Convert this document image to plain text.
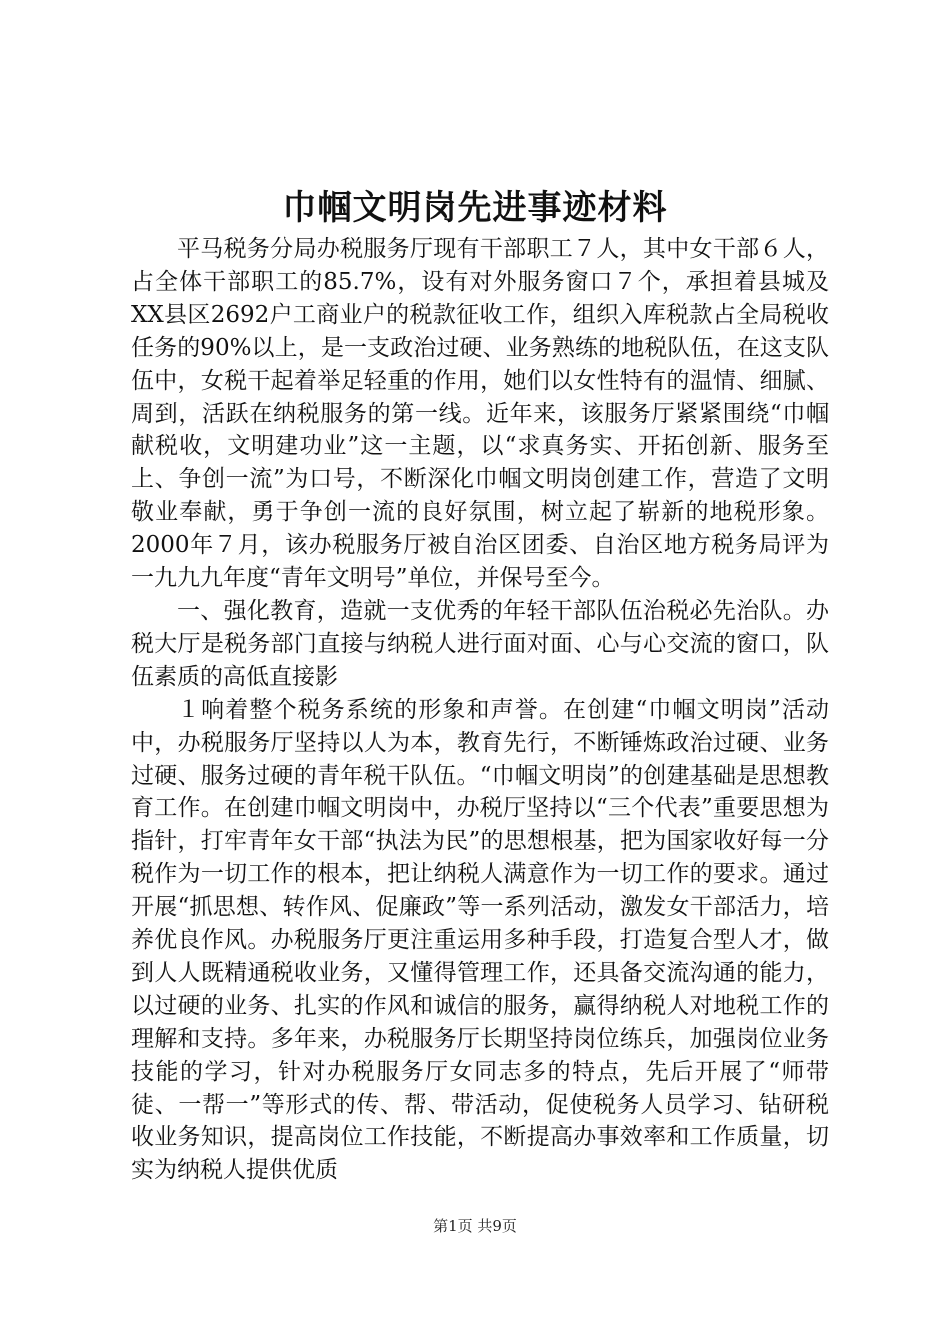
巾帼文明岗先进事迹材料

平马税务分局办税服务厅现有干部职工７人，其中女干部６人，占全体干部职工的85.7%，设有对外服务窗口７个，承担着县城及XX县区2692户工商业户的税款征收工作，组织入库税款占全局税收任务的90%以上，是一支政治过硬、业务熟练的地税队伍，在这支队伍中，女税干起着举足轻重的作用，她们以女性特有的温情、细腻、周到，活跃在纳税服务的第一线。近年来，该服务厅紧紧围绕“巾帼献税收，文明建功业”这一主题，以“求真务实、开拓创新、服务至上、争创一流”为口号，不断深化巾帼文明岗创建工作，营造了文明敬业奉献，勇于争创一流的良好氛围，树立起了崭新的地税形象。2000年７月，该办税服务厅被自治区团委、自治区地方税务局评为一九九九年度“青年文明号”单位，并保号至今。

一、强化教育，造就一支优秀的年轻干部队伍治税必先治队。办税大厅是税务部门直接与纳税人进行面对面、心与心交流的窗口，队伍素质的高低直接影

１响着整个税务系统的形象和声誉。在创建“巾帼文明岗”活动中，办税服务厅坚持以人为本，教育先行，不断锤炼政治过硬、业务过硬、服务过硬的青年税干队伍。“巾帼文明岗”的创建基础是思想教育工作。在创建巾帼文明岗中，办税厅坚持以“三个代表”重要思想为指针，打牢青年女干部“执法为民”的思想根基，把为国家收好每一分税作为一切工作的根本，把让纳税人满意作为一切工作的要求。通过开展“抓思想、转作风、促廉政”等一系列活动，激发女干部活力，培养优良作风。办税服务厅更注重运用多种手段，打造复合型人才，做到人人既精通税收业务，又懂得管理工作，还具备交流沟通的能力，以过硬的业务、扎实的作风和诚信的服务，赢得纳税人对地税工作的理解和支持。多年来，办税服务厅长期坚持岗位练兵，加强岗位业务技能的学习，针对办税服务厅女同志多的特点，先后开展了“师带徒、一帮一”等形式的传、帮、带活动，促使税务人员学习、钻研税收业务知识，提高岗位工作技能，不断提高办事效率和工作质量，切实为纳税人提供优质

第1页 共9页
